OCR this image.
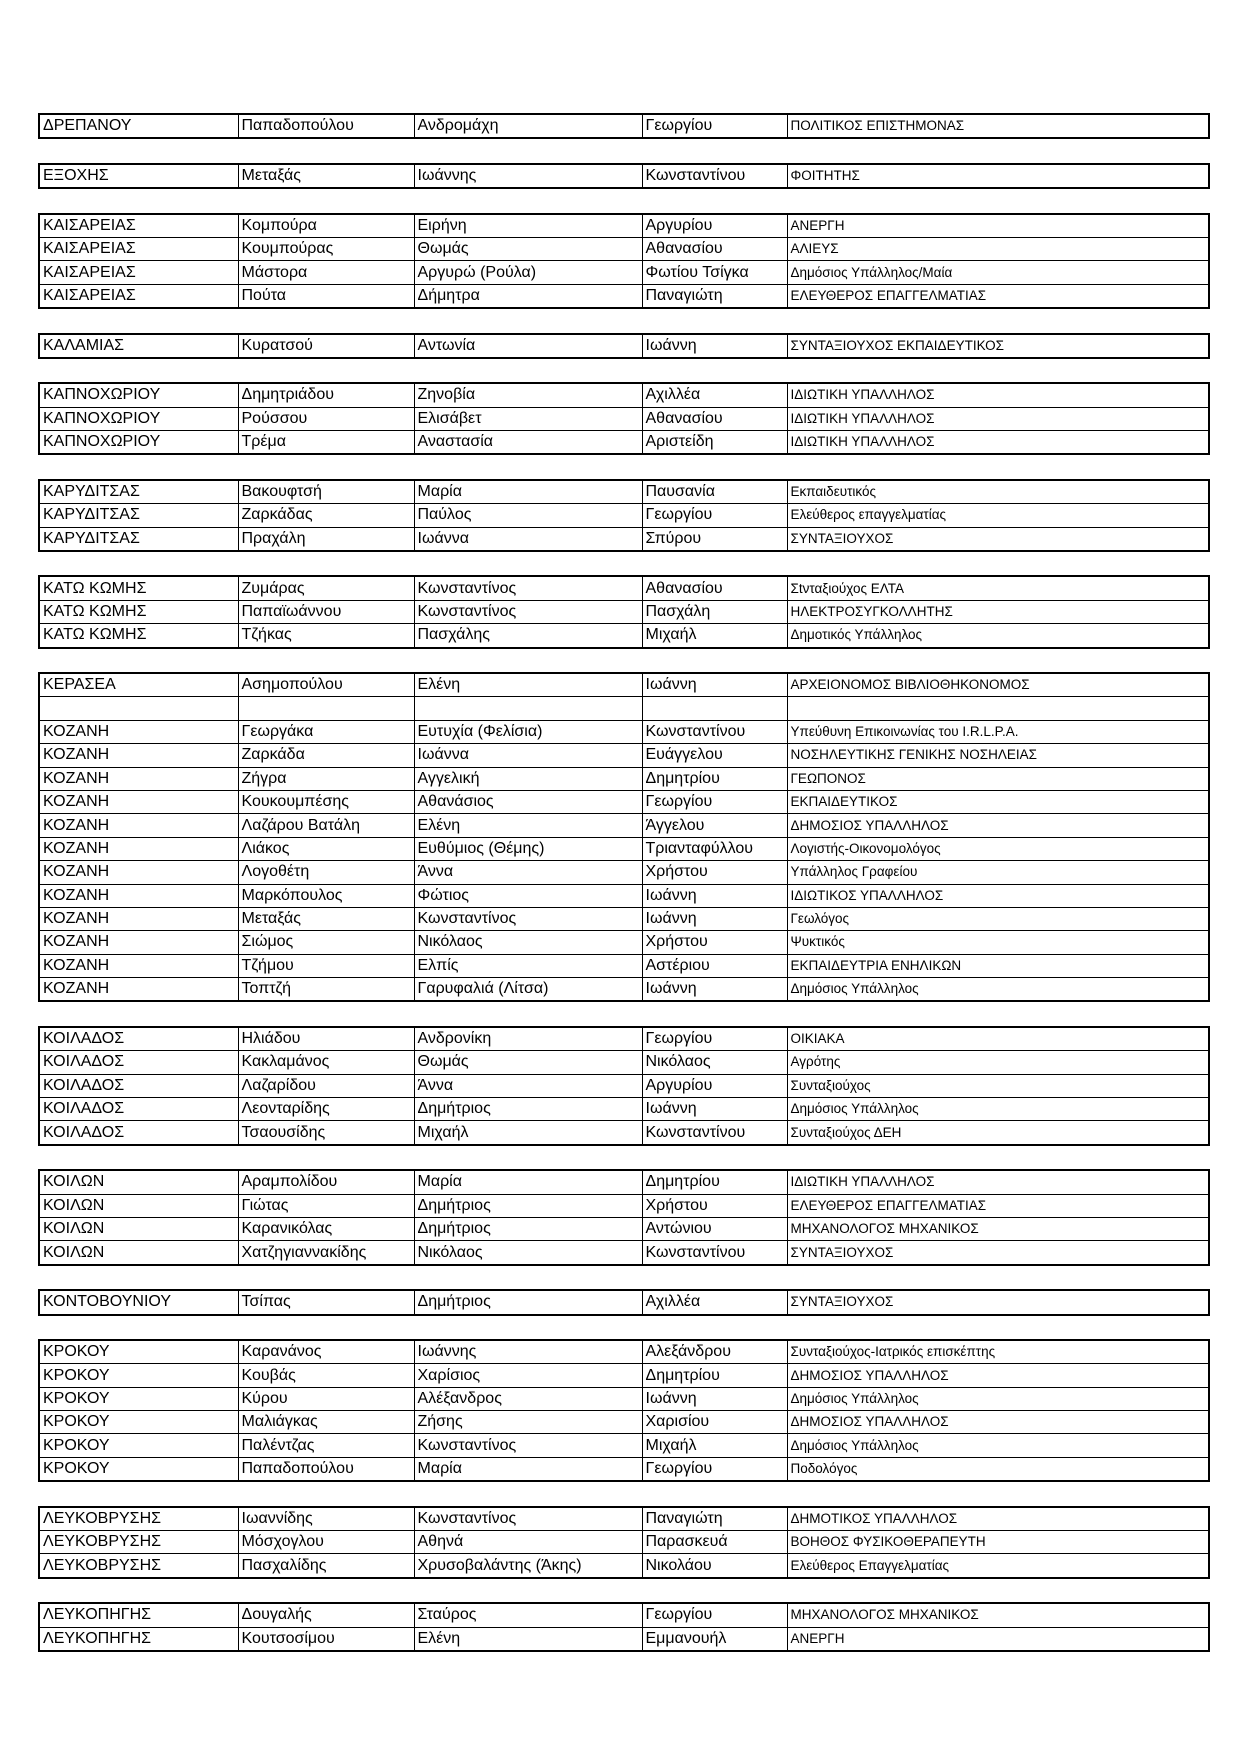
ΔΡΕΠΑΝΟΥ	Παπαδοπούλου	Ανδρομάχη	Γεωργίου	ΠΟΛΙΤΙΚΟΣ ΕΠΙΣΤΗΜΟΝΑΣ
ΕΞΟΧΗΣ	Μεταξάς	Ιωάννης	Κωνσταντίνου	ΦΟΙΤΗΤΗΣ
ΚΑΙΣΑΡΕΙΑΣ	Κομπούρα	Ειρήνη	Αργυρίου	ΑΝΕΡΓΗ
ΚΑΙΣΑΡΕΙΑΣ	Κουμπούρας	Θωμάς	Αθανασίου	ΑΛΙΕΥΣ
ΚΑΙΣΑΡΕΙΑΣ	Μάστορα	Αργυρώ (Ρούλα)	Φωτίου Τσίγκα	Δημόσιος Υπάλληλος/Μαία
ΚΑΙΣΑΡΕΙΑΣ	Πούτα	Δήμητρα	Παναγιώτη	ΕΛΕΥΘΕΡΟΣ ΕΠΑΓΓΕΛΜΑΤΙΑΣ
ΚΑΛΑΜΙΑΣ	Κυρατσού	Αντωνία	Ιωάννη	ΣΥΝΤΑΞΙΟΥΧΟΣ ΕΚΠΑΙΔΕΥΤΙΚΟΣ
ΚΑΠΝΟΧΩΡΙΟΥ	Δημητριάδου	Ζηνοβία	Αχιλλέα	ΙΔΙΩΤΙΚΗ ΥΠΑΛΛΗΛΟΣ
ΚΑΠΝΟΧΩΡΙΟΥ	Ρούσσου	Ελισάβετ	Αθανασίου	ΙΔΙΩΤΙΚΗ ΥΠΑΛΛΗΛΟΣ
ΚΑΠΝΟΧΩΡΙΟΥ	Τρέμα	Αναστασία	Αριστείδη	ΙΔΙΩΤΙΚΗ ΥΠΑΛΛΗΛΟΣ
ΚΑΡΥΔΙΤΣΑΣ	Βακουφτσή	Μαρία	Παυσανία	Εκπαιδευτικός
ΚΑΡΥΔΙΤΣΑΣ	Ζαρκάδας	Παύλος	Γεωργίου	Ελεύθερος επαγγελματίας
ΚΑΡΥΔΙΤΣΑΣ	Πραχάλη	Ιωάννα	Σπύρου	ΣΥΝΤΑΞΙΟΥΧΟΣ
ΚΑΤΩ ΚΩΜΗΣ	Ζυμάρας	Κωνσταντίνος	Αθανασίου	Σtνταξιούχος ΕΛΤΑ
ΚΑΤΩ ΚΩΜΗΣ	Παπαϊωάννου	Κωνσταντίνος	Πασχάλη	ΗΛΕΚΤΡΟΣΥΓΚΟΛΛΗΤΗΣ
ΚΑΤΩ ΚΩΜΗΣ	Τζήκας	Πασχάλης	Μιχαήλ	Δημοτικός Υπάλληλος
ΚΕΡΑΣΕΑ	Ασημοπούλου	Ελένη	Ιωάννη	ΑΡΧΕΙΟΝΟΜΟΣ ΒΙΒΛΙΟΘΗΚΟΝΟΜΟΣ

ΚΟΖΑΝΗ	Γεωργάκα	Ευτυχία (Φελίσια)	Κωνσταντίνου	Υπεύθυνη Επικοινωνίας του I.R.L.P.A.
ΚΟΖΑΝΗ	Ζαρκάδα	Ιωάννα	Ευάγγελου	ΝΟΣΗΛΕΥΤΙΚΗΣ ΓΕΝΙΚΗΣ ΝΟΣΗΛΕΙΑΣ
ΚΟΖΑΝΗ	Ζήγρα	Αγγελική	Δημητρίου	ΓΕΩΠΟΝΟΣ
ΚΟΖΑΝΗ	Κουκουμπέσης	Αθανάσιος	Γεωργίου	ΕΚΠΑΙΔΕΥΤΙΚΟΣ
ΚΟΖΑΝΗ	Λαζάρου Βατάλη	Ελένη	Άγγελου	ΔΗΜΟΣΙΟΣ ΥΠΑΛΛΗΛΟΣ
ΚΟΖΑΝΗ	Λιάκος	Ευθύμιος (Θέμης)	Τριανταφύλλου	Λογιστής-Οικονομολόγος
ΚΟΖΑΝΗ	Λογοθέτη	Άννα	Χρήστου	Υπάλληλος Γραφείου
ΚΟΖΑΝΗ	Μαρκόπουλος	Φώτιος	Ιωάννη	ΙΔΙΩΤΙΚΟΣ ΥΠΑΛΛΗΛΟΣ
ΚΟΖΑΝΗ	Μεταξάς	Κωνσταντίνος	Ιωάννη	Γεωλόγος
ΚΟΖΑΝΗ	Σιώμος	Νικόλαος	Χρήστου	Ψυκτικός
ΚΟΖΑΝΗ	Τζήμου	Ελπίς	Αστέριου	ΕΚΠΑΙΔΕΥΤΡΙΑ ΕΝΗΛΙΚΩΝ
ΚΟΖΑΝΗ	Τοπτζή	Γαρυφαλιά (Λίτσα)	Ιωάννη	Δημόσιος Υπάλληλος
ΚΟΙΛΑΔΟΣ	Ηλιάδου	Ανδρονίκη	Γεωργίου	ΟΙΚΙΑΚΑ
ΚΟΙΛΑΔΟΣ	Κακλαμάνος	Θωμάς	Νικόλαος	Αγρότης
ΚΟΙΛΑΔΟΣ	Λαζαρίδου	Άννα	Αργυρίου	Συνταξιούχος
ΚΟΙΛΑΔΟΣ	Λεονταρίδης	Δημήτριος	Ιωάννη	Δημόσιος Υπάλληλος
ΚΟΙΛΑΔΟΣ	Τσαουσίδης	Μιχαήλ	Κωνσταντίνου	Συνταξιούχος ΔΕΗ
ΚΟΙΛΩΝ	Αραμπολίδου	Μαρία	Δημητρίου	ΙΔΙΩΤΙΚΗ ΥΠΑΛΛΗΛΟΣ
ΚΟΙΛΩΝ	Γιώτας	Δημήτριος	Χρήστου	ΕΛΕΥΘΕΡΟΣ ΕΠΑΓΓΕΛΜΑΤΙΑΣ
ΚΟΙΛΩΝ	Καρανικόλας	Δημήτριος	Αντώνιου	ΜΗΧΑΝΟΛΟΓΟΣ ΜΗΧΑΝΙΚΟΣ
ΚΟΙΛΩΝ	Χατζηγιαννακίδης	Νικόλαος	Κωνσταντίνου	ΣΥΝΤΑΞΙΟΥΧΟΣ
ΚΟΝΤΟΒΟΥΝΙΟΥ	Τσίπας	Δημήτριος	Αχιλλέα	ΣΥΝΤΑΞΙΟΥΧΟΣ
ΚΡΟΚΟΥ	Καρανάνος	Ιωάννης	Αλεξάνδρου	Συνταξιούχος-Ιατρικός επισκέπτης
ΚΡΟΚΟΥ	Κουβάς	Χαρίσιος	Δημητρίου	ΔΗΜΟΣΙΟΣ ΥΠΑΛΛΗΛΟΣ
ΚΡΟΚΟΥ	Κύρου	Αλέξανδρος	Ιωάννη	Δημόσιος Υπάλληλος
ΚΡΟΚΟΥ	Μαλιάγκας	Ζήσης	Χαρισίου	ΔΗΜΟΣΙΟΣ ΥΠΑΛΛΗΛΟΣ
ΚΡΟΚΟΥ	Παλέντζας	Κωνσταντίνος	Μιχαήλ	Δημόσιος Υπάλληλος
ΚΡΟΚΟΥ	Παπαδοπούλου	Μαρία	Γεωργίου	Ποδολόγος
ΛΕΥΚΟΒΡΥΣΗΣ	Ιωαννίδης	Κωνσταντίνος	Παναγιώτη	ΔΗΜΟΤΙΚΟΣ ΥΠΑΛΛΗΛΟΣ
ΛΕΥΚΟΒΡΥΣΗΣ	Μόσχογλου	Αθηνά	Παρασκευά	ΒΟΗΘΟΣ ΦΥΣΙΚΟΘΕΡΑΠΕΥΤΗ
ΛΕΥΚΟΒΡΥΣΗΣ	Πασχαλίδης	Χρυσοβαλάντης (Άκης)	Νικολάου	Ελεύθερος Επαγγελματίας
ΛΕΥΚΟΠΗΓΗΣ	Δουγαλής	Σταύρος	Γεωργίου	ΜΗΧΑΝΟΛΟΓΟΣ ΜΗΧΑΝΙΚΟΣ
ΛΕΥΚΟΠΗΓΗΣ	Κουτσοσίμου	Ελένη	Εμμανουήλ	ΑΝΕΡΓΗ
